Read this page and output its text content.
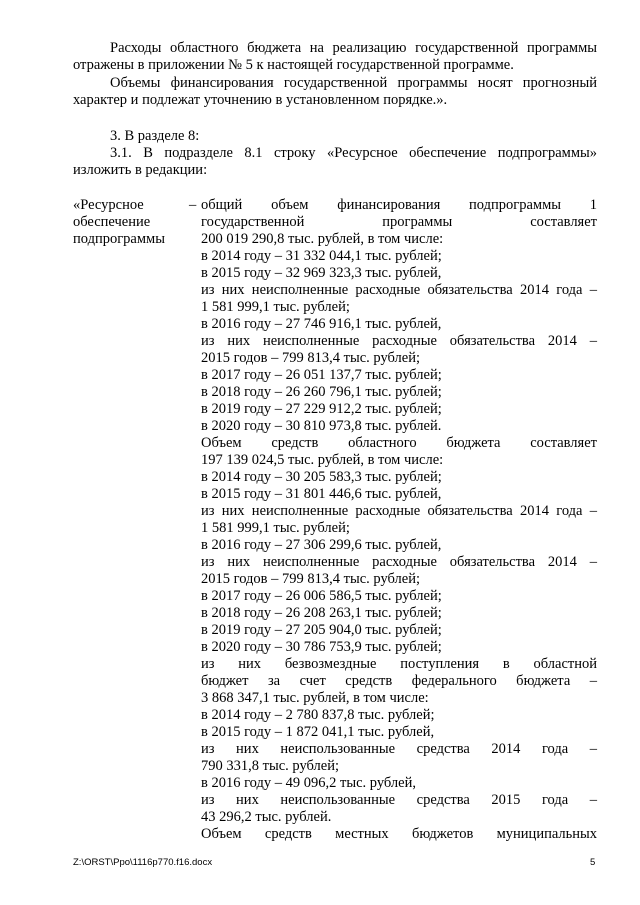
Расходы областного бюджета на реализацию государственной программы
отражены в приложении № 5 к настоящей государственной программе.
Объемы финансирования государственной программы носят прогнозный
характер и подлежат уточнению в установленном порядке.».
3. В разделе 8:
3.1. В подразделе 8.1 строку «Ресурсное обеспечение подпрограммы»
изложить в редакции:
«Ресурсное
обеспечение
подпрограммы
– общий объем финансирования подпрограммы 1
государственной программы составляет
200 019 290,8 тыс. рублей, в том числе:
в 2014 году – 31 332 044,1 тыс. рублей;
в 2015 году – 32 969 323,3 тыс. рублей,
из них неисполненные расходные обязательства 2014 года –
1 581 999,1 тыс. рублей;
в 2016 году – 27 746 916,1 тыс. рублей,
из них неисполненные расходные обязательства 2014 –
2015 годов – 799 813,4 тыс. рублей;
в 2017 году – 26 051 137,7 тыс. рублей;
в 2018 году – 26 260 796,1 тыс. рублей;
в 2019 году – 27 229 912,2 тыс. рублей;
в 2020 году – 30 810 973,8 тыс. рублей.
Объем средств областного бюджета составляет
197 139 024,5 тыс. рублей, в том числе:
в 2014 году – 30 205 583,3 тыс. рублей;
в 2015 году – 31 801 446,6 тыс. рублей,
из них неисполненные расходные обязательства 2014 года –
1 581 999,1 тыс. рублей;
в 2016 году – 27 306 299,6 тыс. рублей,
из них неисполненные расходные обязательства 2014 –
2015 годов – 799 813,4 тыс. рублей;
в 2017 году – 26 006 586,5 тыс. рублей;
в 2018 году – 26 208 263,1 тыс. рублей;
в 2019 году – 27 205 904,0 тыс. рублей;
в 2020 году – 30 786 753,9 тыс. рублей;
из них безвозмездные поступления в областной
бюджет за счет средств федерального бюджета –
3 868 347,1 тыс. рублей, в том числе:
в 2014 году – 2 780 837,8 тыс. рублей;
в 2015 году – 1 872 041,1 тыс. рублей,
из них неиспользованные средства 2014 года –
790 331,8 тыс. рублей;
в 2016 году – 49 096,2 тыс. рублей,
из них неиспользованные средства 2015 года –
43 296,2 тыс. рублей.
Объем средств местных бюджетов муниципальных
Z:\ORST\Ppo\1116p770.f16.docx	5
